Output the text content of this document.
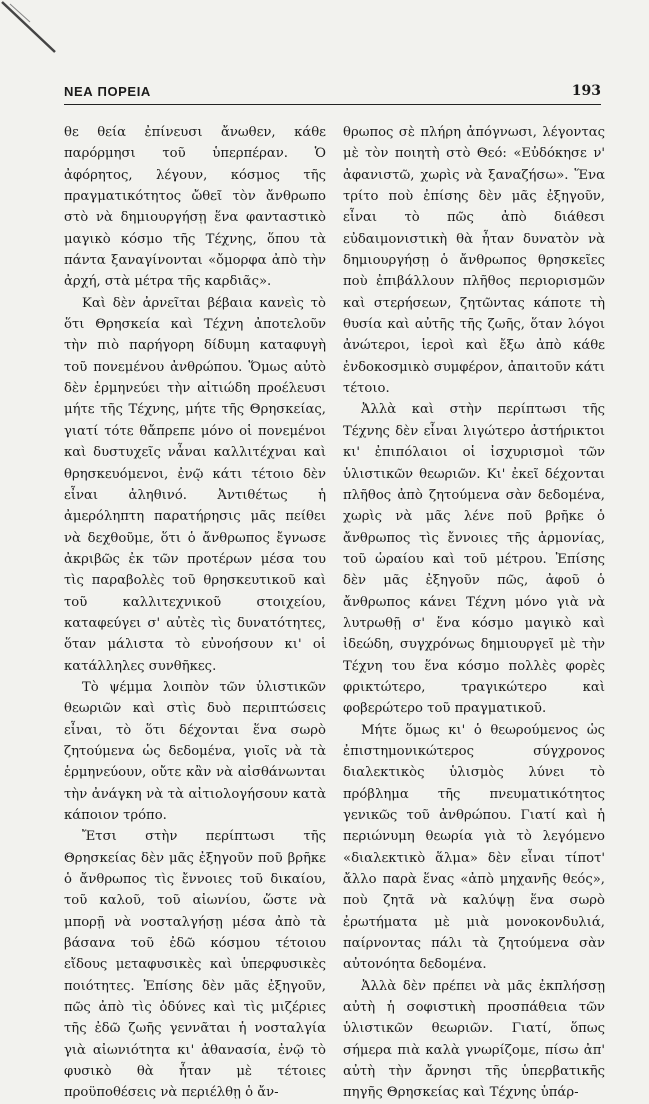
ΝΕΑ ΠΟΡΕΙΑ	193

θε θεία ἐπίνευσι ἄνωθεν, κάθε παρόρμησι τοῦ ὑπερπέραν. Ὁ ἀφόρητος, λέγουν, κόσμος τῆς πραγματικότητος ὤθεῖ τὸν ἄνθρωπο στὸ νὰ δημιουργήσῃ ἕνα φανταστικὸ μαγικὸ κόσμο τῆς Τέχνης, ὅπου τὰ πάντα ξαναγίνονται «ὄμορφα ἀπὸ τὴν ἀρχή, στὰ μέτρα τῆς καρδιᾶς».

Καὶ δὲν ἀρνεῖται βέβαια κανεὶς τὸ ὅτι Θρησκεία καὶ Τέχνη ἀποτελοῦν τὴν πιὸ παρήγορη δίδυμη καταφυγὴ τοῦ πονεμένου ἀνθρώπου. Ὅμως αὐτὸ δὲν ἑρμηνεύει τὴν αἰτιώδη προέλευσι μήτε τῆς Τέχνης, μήτε τῆς Θρησκείας, γιατί τότε θἄπρεπε μόνο οἱ πονεμένοι καὶ δυστυχεῖς νἆναι καλλιτέχναι καὶ θρησκευόμενοι, ἐνῷ κάτι τέτοιο δὲν εἶναι ἀληθινό. Ἀντιθέτως ἡ ἀμερόληπτη παρατήρησις μᾶς πείθει νὰ δεχθοῦμε, ὅτι ὁ ἄνθρωπος ἔγνωσε ἀκριβῶς ἐκ τῶν προτέρων μέσα του τὶς παραβολὲς τοῦ θρησκευτικοῦ καὶ τοῦ καλλιτεχνικοῦ στοιχείου, καταφεύγει σ' αὐτὲς τὶς δυνατότητες, ὅταν μάλιστα τὸ εὐνοήσουν κι' οἱ κατάλληλες συνθῆκες.

Τὸ ψέμμα λοιπὸν τῶν ὑλιστικῶν θεωριῶν καὶ στὶς δυὸ περιπτώσεις εἶναι, τὸ ὅτι δέχονται ἕνα σωρὸ ζητούμενα ὡς δεδομένα, γιοῖς νὰ τὰ ἑρμηνεύουν, οὔτε κἂν νὰ αἰσθάνωνται τὴν ἀνάγκη νὰ τὰ αἰτιολογήσουν κατὰ κάποιον τρόπο.

Ἔτσι στὴν περίπτωσι τῆς Θρησκείας δὲν μᾶς ἐξηγοῦν ποῦ βρῆκε ὁ ἄνθρωπος τὶς ἔννοιες τοῦ δικαίου, τοῦ καλοῦ, τοῦ αἰωνίου, ὥστε νὰ μπορῇ νὰ νοσταλγήσῃ μέσα ἀπὸ τὰ βάσανα τοῦ ἐδῶ κόσμου τέτοιου εἴδους μεταφυσικὲς καὶ ὑπερφυσικὲς ποιότητες. Ἐπίσης δὲν μᾶς ἐξηγοῦν, πῶς ἀπὸ τὶς ὀδύνες καὶ τὶς μιζέριες τῆς ἐδῶ ζωῆς γεννᾶται ἡ νοσταλγία γιὰ αἰωνιότητα κι' ἀθανασία, ἐνῷ τὸ φυσικὸ θὰ ἦταν μὲ τέτοιες προϋποθέσεις νὰ περιέλθῃ ὁ ἄν-

θρωπος σὲ πλήρη ἀπόγνωσι, λέγοντας μὲ τὸν ποιητὴ στὸ Θεό: «Εὐδόκησε ν' ἀφανιστῶ, χωρὶς νὰ ξαναζήσω». Ἕνα τρίτο ποὺ ἐπίσης δὲν μᾶς ἐξηγοῦν, εἶναι τὸ πῶς ἀπὸ διάθεσι εὐδαιμονιστικὴ θὰ ἦταν δυνατὸν νὰ δημιουργήσῃ ὁ ἄνθρωπος θρησκεῖες ποὺ ἐπιβάλλουν πλῆθος περιορισμῶν καὶ στερήσεων, ζητῶντας κάποτε τὴ θυσία καὶ αὐτῆς τῆς ζωῆς, ὅταν λόγοι ἀνώτεροι, ἱεροὶ καὶ ἔξω ἀπὸ κάθε ἐνδοκοσμικὸ συμφέρον, ἀπαιτοῦν κάτι τέτοιο.

Ἀλλὰ καὶ στὴν περίπτωσι τῆς Τέχνης δὲν εἶναι λιγώτερο ἀστήρικτοι κι' ἐπιπόλαιοι οἱ ἰσχυρισμοὶ τῶν ὑλιστικῶν θεωριῶν. Κι' ἐκεῖ δέχονται πλῆθος ἀπὸ ζητούμενα σὰν δεδομένα, χωρὶς νὰ μᾶς λένε ποῦ βρῆκε ὁ ἄνθρωπος τὶς ἔννοιες τῆς ἁρμονίας, τοῦ ὡραίου καὶ τοῦ μέτρου. Ἐπίσης δὲν μᾶς ἐξηγοῦν πῶς, ἀφοῦ ὁ ἄνθρωπος κάνει Τέχνη μόνο γιὰ νὰ λυτρωθῇ σ' ἕνα κόσμο μαγικὸ καὶ ἰδεώδη, συγχρόνως δημιουργεῖ μὲ τὴν Τέχνη του ἕνα κόσμο πολλὲς φορὲς φρικτώτερο, τραγικώτερο καὶ φοβερώτερο τοῦ πραγματικοῦ.

Μήτε ὅμως κι' ὁ θεωρούμενος ὡς ἐπιστημονικώτερος σύγχρονος διαλεκτικὸς ὑλισμὸς λύνει τὸ πρόβλημα τῆς πνευματικότητος γενικῶς τοῦ ἀνθρώπου. Γιατί καὶ ἡ περιώνυμη θεωρία γιὰ τὸ λεγόμενο «διαλεκτικὸ ἅλμα» δὲν εἶναι τίποτ' ἄλλο παρὰ ἕνας «ἀπὸ μηχανῆς θεός», ποὺ ζητᾶ νὰ καλύψῃ ἕνα σωρὸ ἐρωτήματα μὲ μιὰ μονοκονδυλιά, παίρνοντας πάλι τὰ ζητούμενα σὰν αὐτονόητα δεδομένα.

Ἀλλὰ δὲν πρέπει νὰ μᾶς ἐκπλήσσῃ αὐτὴ ἡ σοφιστικὴ προσπάθεια τῶν ὑλιστικῶν θεωριῶν. Γιατί, ὅπως σήμερα πιὰ καλὰ γνωρίζομε, πίσω ἀπ' αὐτὴ τὴν ἄρνησι τῆς ὑπερβατικῆς πηγῆς Θρησκείας καὶ Τέχνης ὑπάρ-
